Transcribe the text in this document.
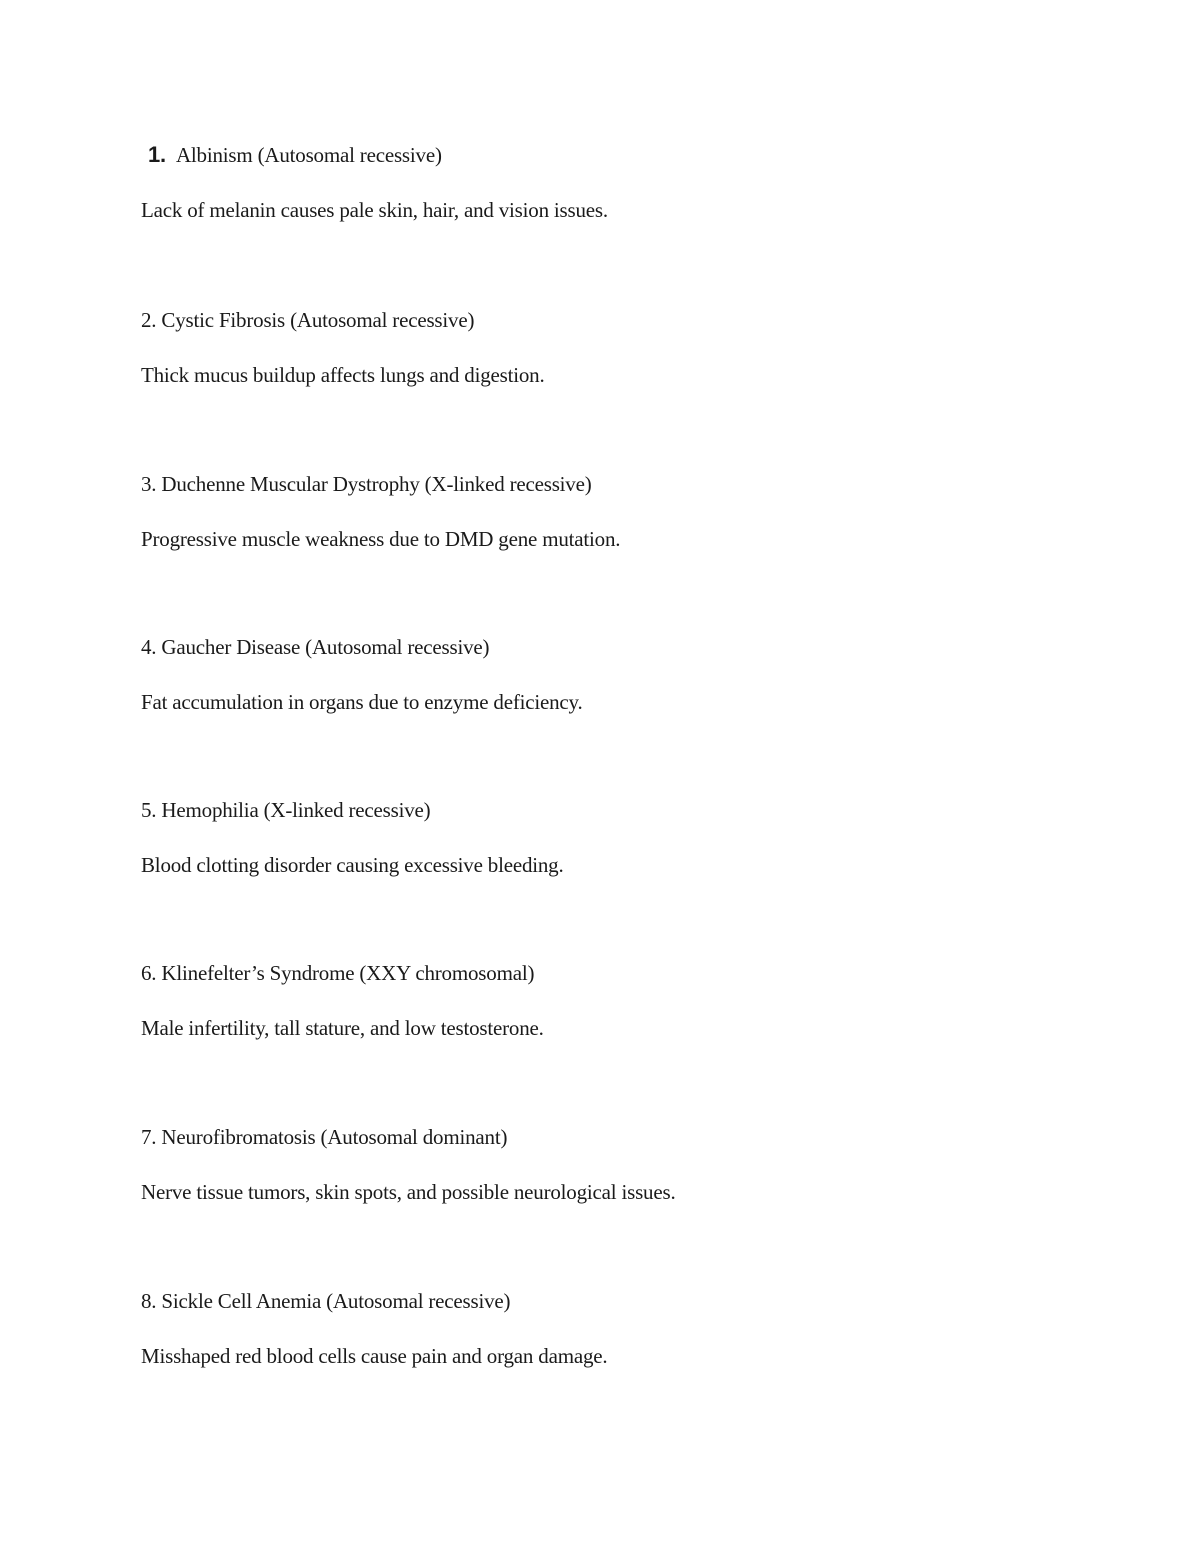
1. Albinism (Autosomal recessive)
Lack of melanin causes pale skin, hair, and vision issues.
2. Cystic Fibrosis (Autosomal recessive)
Thick mucus buildup affects lungs and digestion.
3. Duchenne Muscular Dystrophy (X-linked recessive)
Progressive muscle weakness due to DMD gene mutation.
4. Gaucher Disease (Autosomal recessive)
Fat accumulation in organs due to enzyme deficiency.
5. Hemophilia (X-linked recessive)
Blood clotting disorder causing excessive bleeding.
6. Klinefelter’s Syndrome (XXY chromosomal)
Male infertility, tall stature, and low testosterone.
7. Neurofibromatosis (Autosomal dominant)
Nerve tissue tumors, skin spots, and possible neurological issues.
8. Sickle Cell Anemia (Autosomal recessive)
Misshaped red blood cells cause pain and organ damage.
